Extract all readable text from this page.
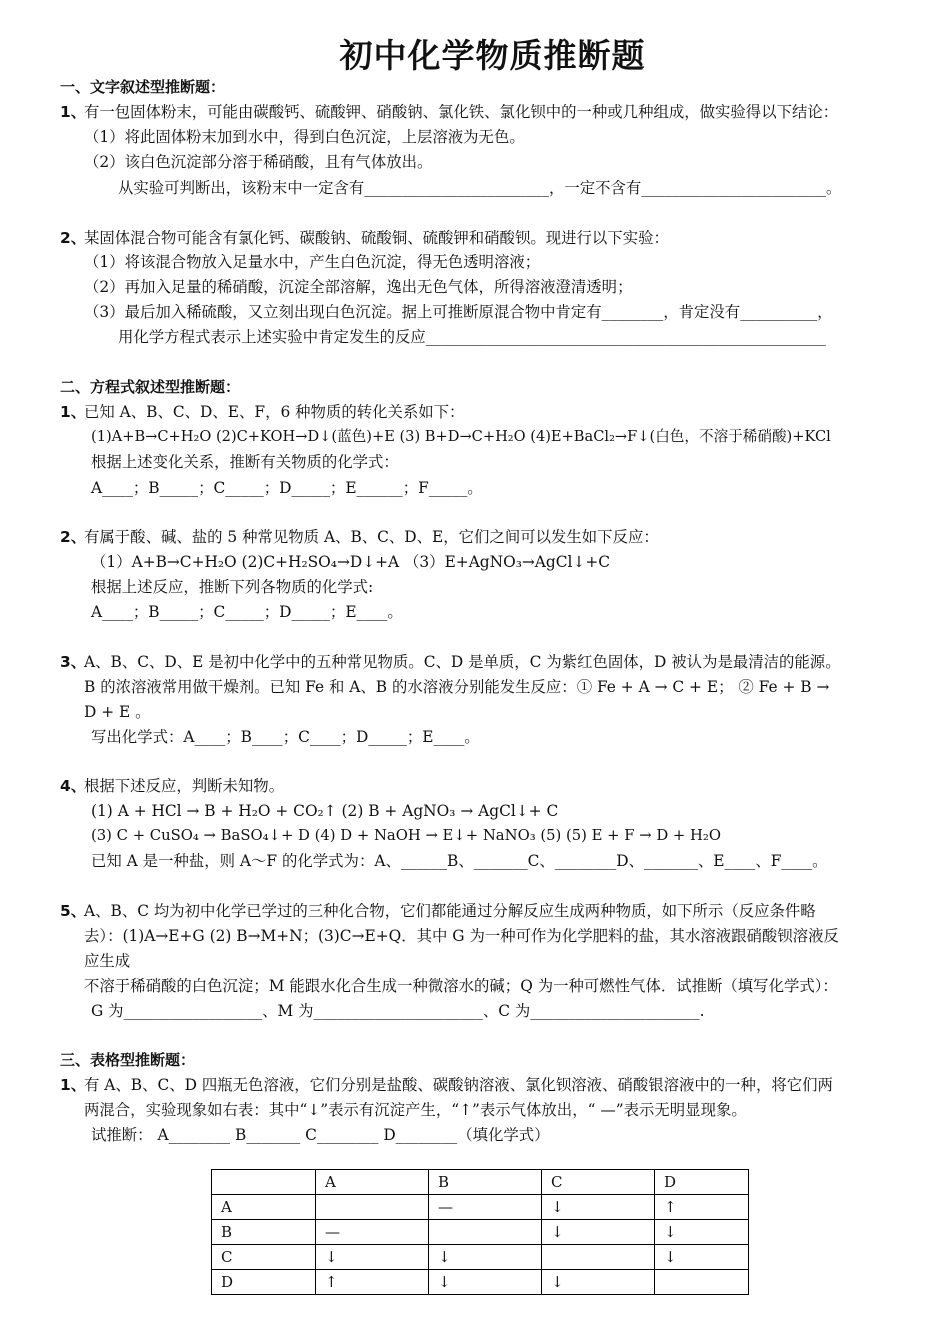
初中化学物质推断题
一、文字叙述型推断题：
1、
有一包固体粉末，可能由碳酸钙、硫酸钾、硝酸钠、氯化铁、氯化钡中的一种或几种组成，做实验得以下结论：
（1）将此固体粉末加到水中，得到白色沉淀，上层溶液为无色。
（2）该白色沉淀部分溶于稀硝酸，且有气体放出。
从实验可判断出，该粉末中一定含有________________________，一定不含有________________________。
2、
某固体混合物可能含有氯化钙、碳酸钠、硫酸铜、硫酸钾和硝酸钡。现进行以下实验：
（1）将该混合物放入足量水中，产生白色沉淀，得无色透明溶液；
（2）再加入足量的稀硝酸，沉淀全部溶解，逸出无色气体，所得溶液澄清透明；
（3）最后加入稀硫酸，又立刻出现白色沉淀。据上可推断原混合物中肯定有________，肯定没有__________，
用化学方程式表示上述实验中肯定发生的反应____________________________________________________
二、方程式叙述型推断题：
1、
已知 A、B、C、D、E、F，6 种物质的转化关系如下：
(1)A+B→C+H₂O (2)C+KOH→D↓(蓝色)+E (3) B+D→C+H₂O (4)E+BaCl₂→F↓(白色，不溶于稀硝酸)+KCl
根据上述变化关系，推断有关物质的化学式：
A____；B_____；C_____；D_____；E______；F_____。
2、
有属于酸、碱、盐的 5 种常见物质 A、B、C、D、E，它们之间可以发生如下反应：
（1）A+B→C+H₂O (2)C+H₂SO₄→D↓+A （3）E+AgNO₃→AgCl↓+C
根据上述反应，推断下列各物质的化学式:
A____；B_____；C_____；D_____；E____。
3、
A、B、C、D、E 是初中化学中的五种常见物质。C、D 是单质，C 为紫红色固体，D 被认为是最清洁的能源。
B 的浓溶液常用做干燥剂。已知 Fe 和 A、B 的水溶液分别能发生反应：① Fe + A → C + E； ② Fe + B →
D + E 。
写出化学式：A____；B____；C____；D_____；E____。
4、
根据下述反应，判断未知物。
(1) A + HCl → B + H₂O + CO₂↑ (2) B + AgNO₃ → AgCl↓+ C
(3) C + CuSO₄ → BaSO₄↓+ D (4) D + NaOH → E↓+ NaNO₃ (5) (5) E + F → D + H₂O
已知 A 是一种盐，则 A～F 的化学式为：A、______B、_______C、________D、_______、E____、F____。
5、
A、B、C 均为初中化学已学过的三种化合物，它们都能通过分解反应生成两种物质，如下所示（反应条件略
去）：(1)A→E+G (2) B→M+N；(3)C→E+Q．其中 G 为一种可作为化学肥料的盐，其水溶液跟硝酸钡溶液反
应生成
不溶于稀硝酸的白色沉淀；M 能跟水化合生成一种微溶水的碱；Q 为一种可燃性气体．试推断（填写化学式）：
G 为__________________、M 为______________________、C 为______________________.
三、表格型推断题：
1、
有 A、B、C、D 四瓶无色溶液，它们分别是盐酸、碳酸钠溶液、氯化钡溶液、硝酸银溶液中的一种，将它们两
两混合，实验现象如右表：其中“↓”表示有沉淀产生，“↑”表示气体放出，“ —”表示无明显现象。
试推断： A________ B_______ C________ D________（填化学式）
	A	B	C	D
A		—	↓	↑
B	—		↓	↓
C	↓	↓		↓
D	↑	↓	↓	
